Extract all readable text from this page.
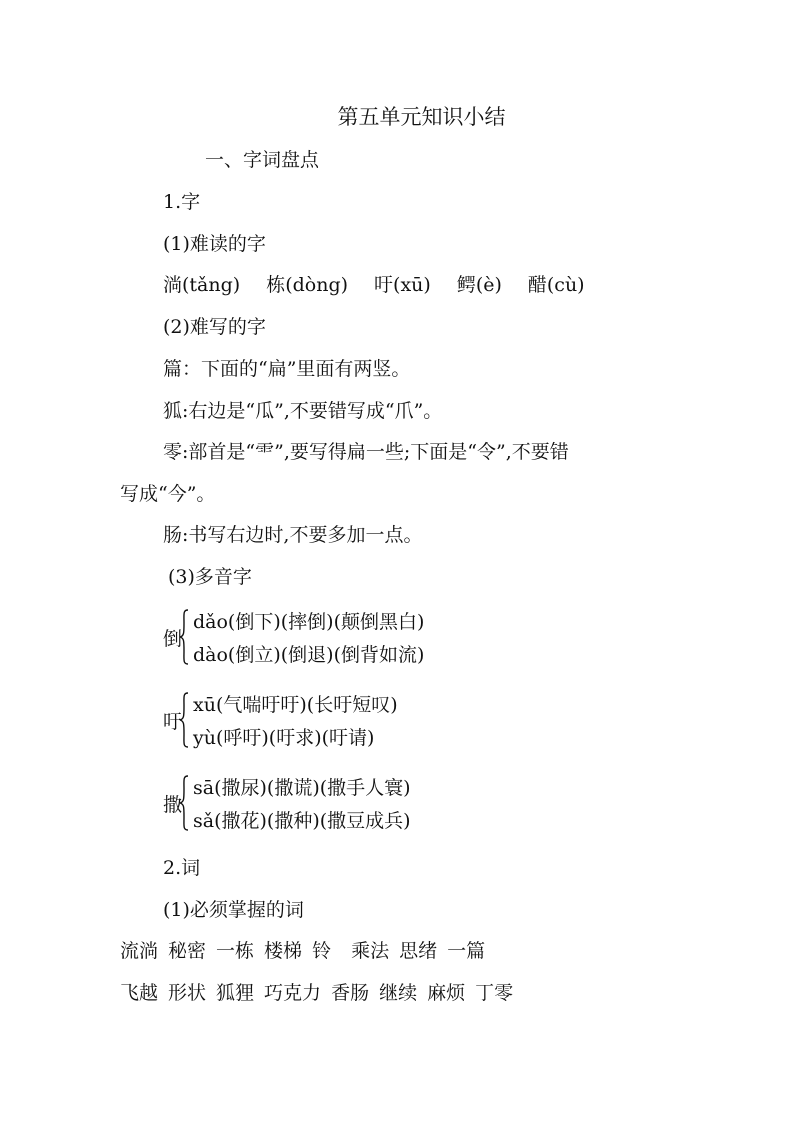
第五单元知识小结
一、字词盘点
1.字
(1)难读的字
淌(tǎng) 栋(dòng) 吁(xū) 鳄(è) 醋(cù)
(2)难写的字
篇：下面的“扁”里面有两竖。
狐:右边是“瓜”,不要错写成“爪”。
零:部首是“⻗”,要写得扁一些;下面是“令”,不要错
写成“今”。
肠:书写右边时,不要多加一点。
(3)多音字
倒
dǎo(倒下)(摔倒)(颠倒黑白)
dào(倒立)(倒退)(倒背如流)
吁
xū(气喘吁吁)(长吁短叹)
yù(呼吁)(吁求)(吁请)
撒
sā(撒尿)(撒谎)(撒手人寰)
sǎ(撒花)(撒种)(撒豆成兵)
2.词
(1)必须掌握的词
流淌 秘密 一栋 楼梯 铃 乘法 思绪 一篇
飞越 形状 狐狸 巧克力 香肠 继续 麻烦 丁零
